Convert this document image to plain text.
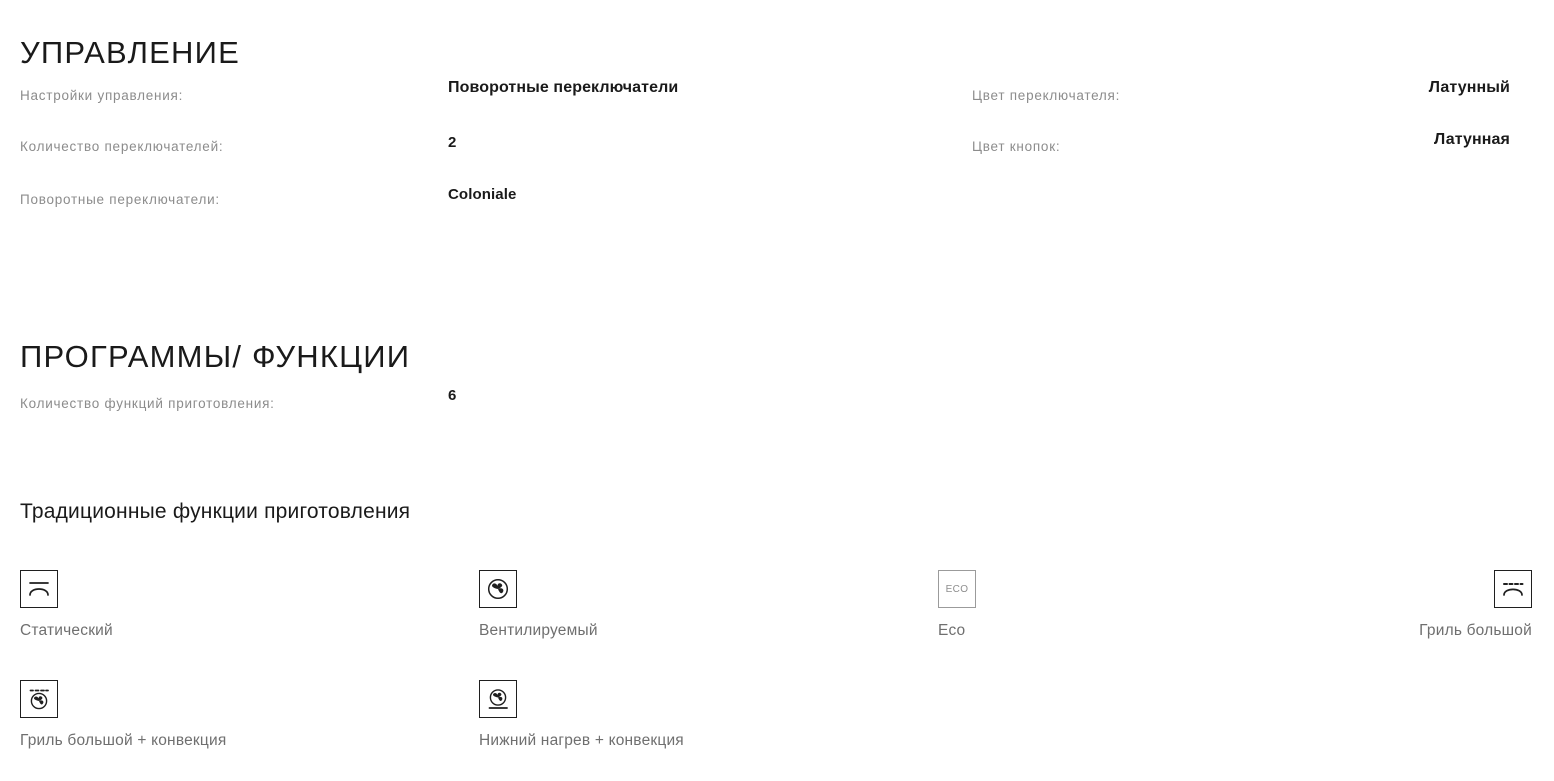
УПРАВЛЕНИЕ
Настройки управления:	Поворотные переключатели	Цвет переключателя:	Латунный
Количество переключателей:	2	Цвет кнопок:	Латунная
Поворотные переключатели:	Coloniale
ПРОГРАММЫ/ ФУНКЦИИ
Количество функций приготовления:	6
Традиционные функции приготовления
Статический	Вентилируемый
ECO
Eco	Гриль большой
Гриль большой + конвекция	Нижний нагрев + конвекция
